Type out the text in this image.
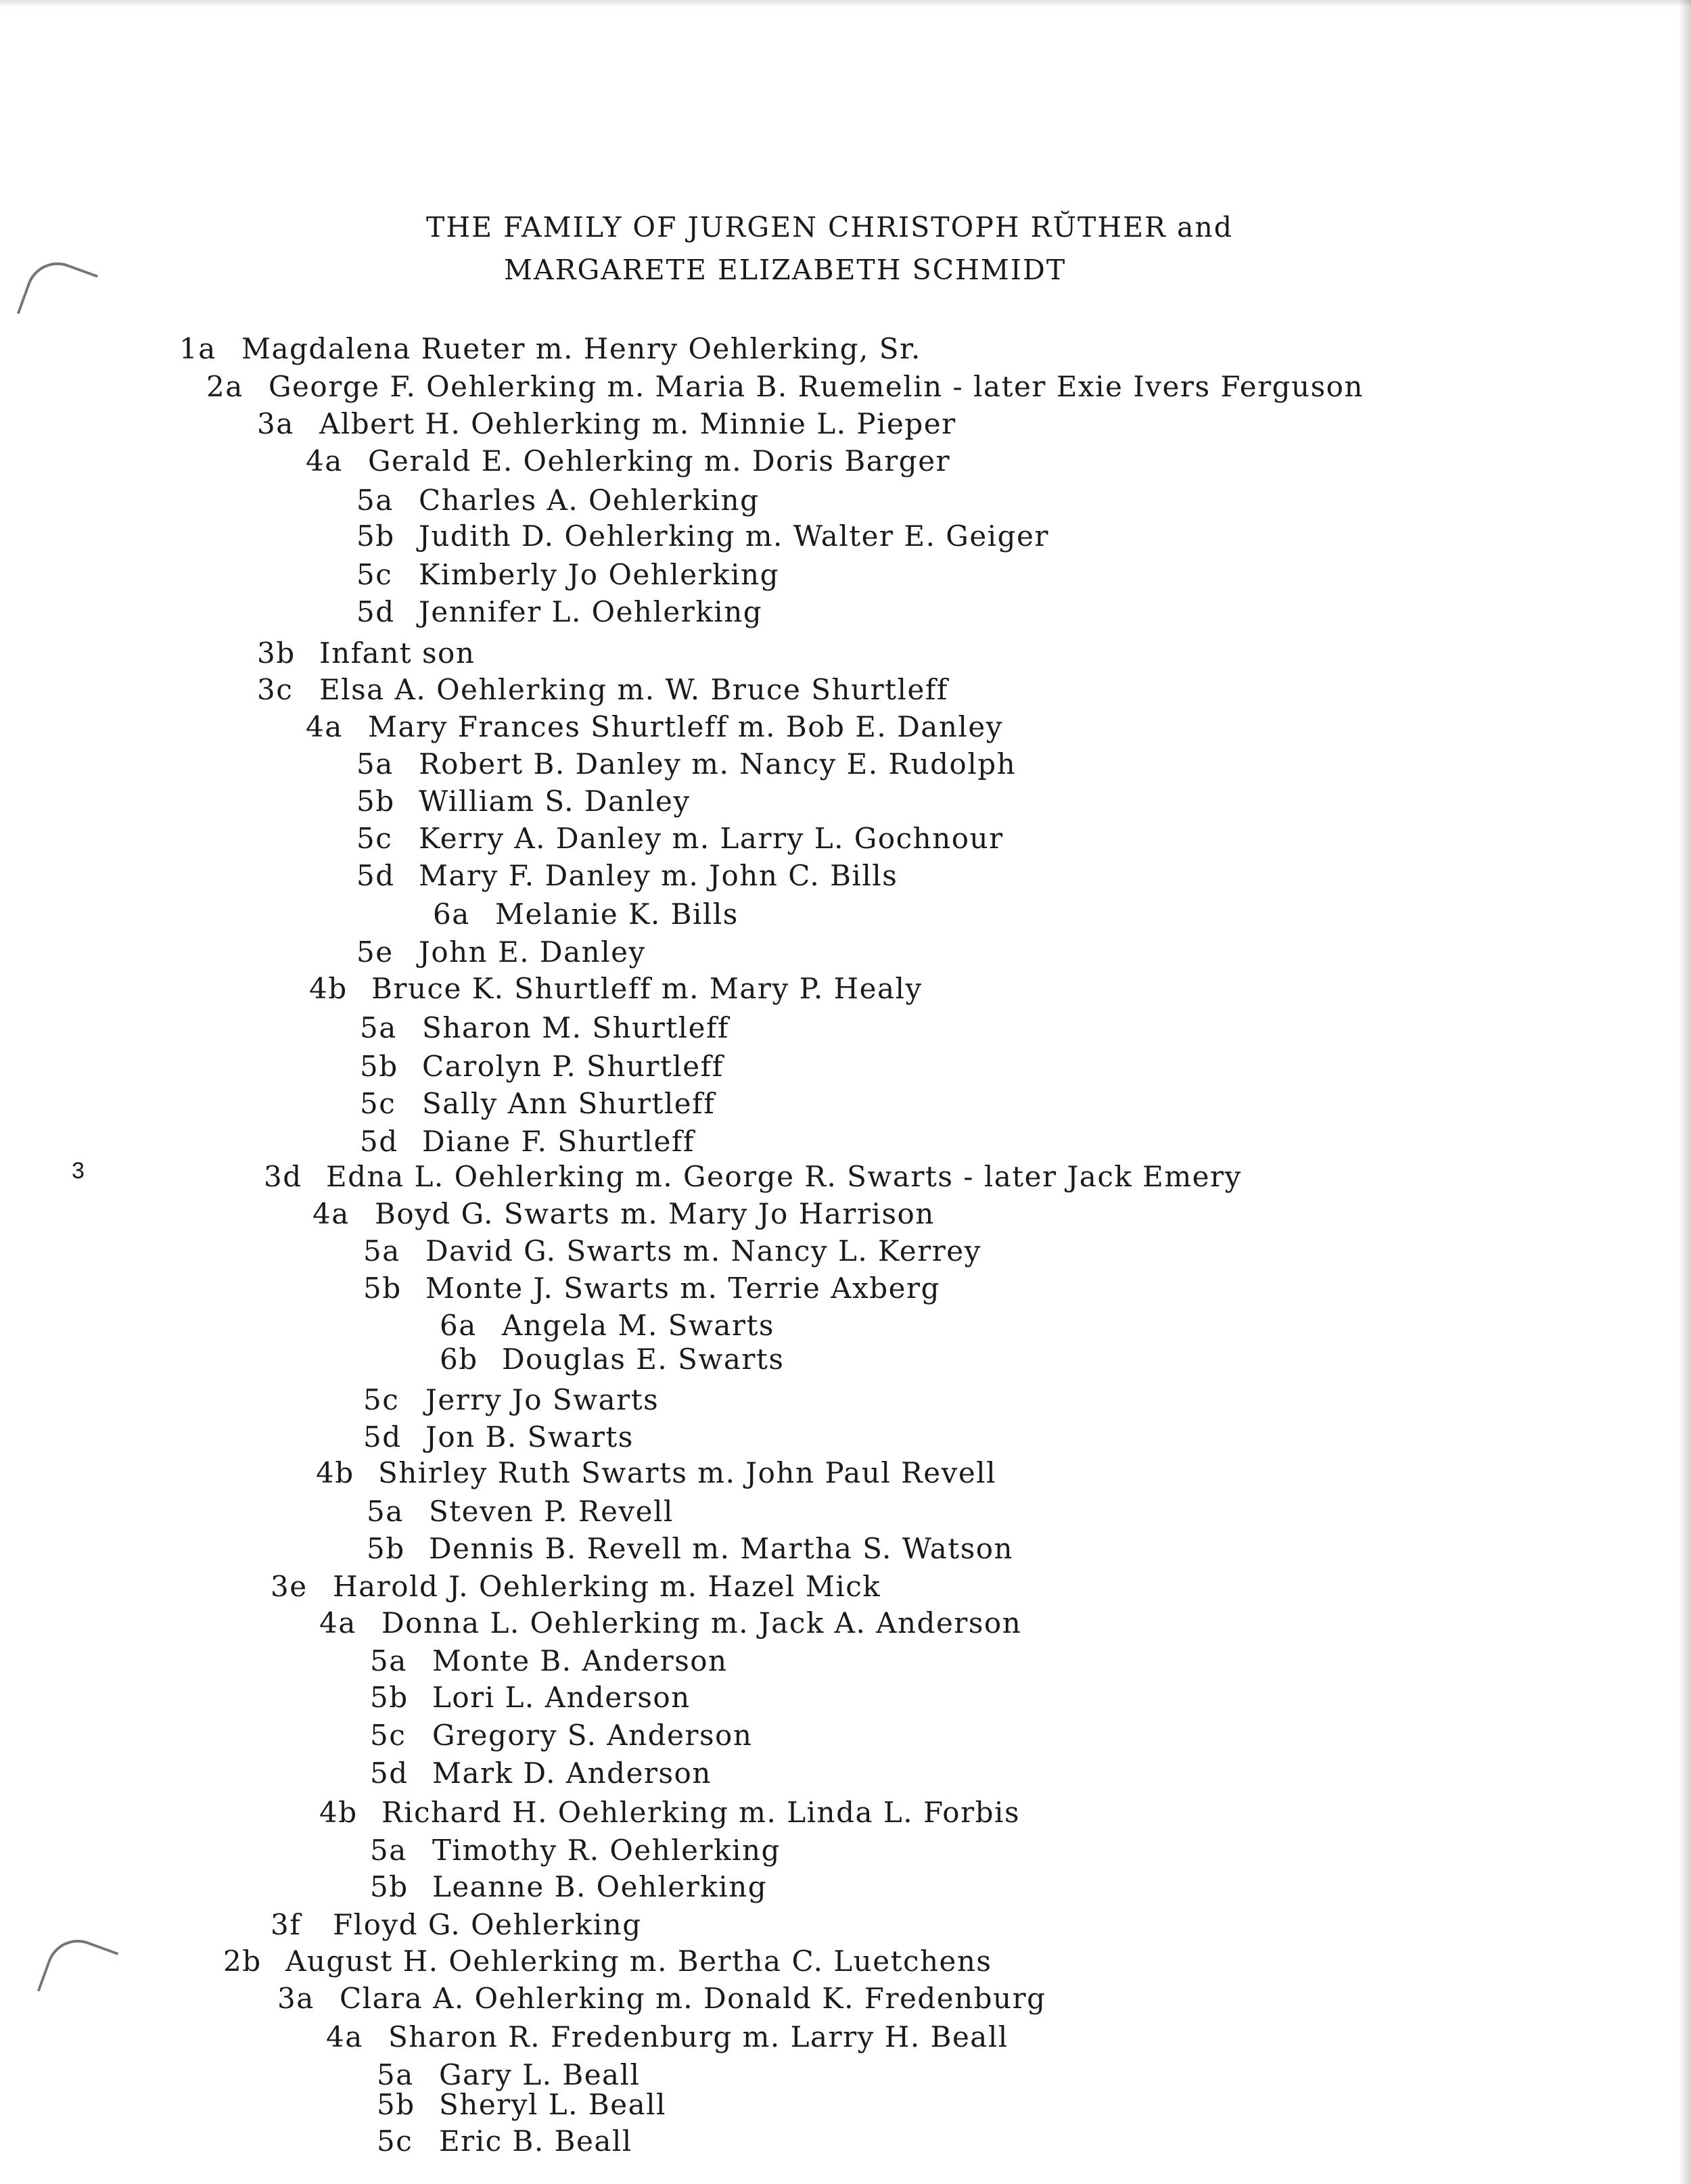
THE FAMILY OF JURGEN CHRISTOPH RŬTHER and
MARGARETE ELIZABETH SCHMIDT
3
1a Magdalena Rueter m. Henry Oehlerking, Sr.
2a George F. Oehlerking m. Maria B. Ruemelin - later Exie Ivers Ferguson
3a Albert H. Oehlerking m. Minnie L. Pieper
4a Gerald E. Oehlerking m. Doris Barger
5a Charles A. Oehlerking
5b Judith D. Oehlerking m. Walter E. Geiger
5c Kimberly Jo Oehlerking
5d Jennifer L. Oehlerking
3b Infant son
3c Elsa A. Oehlerking m. W. Bruce Shurtleff
4a Mary Frances Shurtleff m. Bob E. Danley
5a Robert B. Danley m. Nancy E. Rudolph
5b William S. Danley
5c Kerry A. Danley m. Larry L. Gochnour
5d Mary F. Danley m. John C. Bills
6a Melanie K. Bills
5e John E. Danley
4b Bruce K. Shurtleff m. Mary P. Healy
5a Sharon M. Shurtleff
5b Carolyn P. Shurtleff
5c Sally Ann Shurtleff
5d Diane F. Shurtleff
3d Edna L. Oehlerking m. George R. Swarts - later Jack Emery
4a Boyd G. Swarts m. Mary Jo Harrison
5a David G. Swarts m. Nancy L. Kerrey
5b Monte J. Swarts m. Terrie Axberg
6a Angela M. Swarts
6b Douglas E. Swarts
5c Jerry Jo Swarts
5d Jon B. Swarts
4b Shirley Ruth Swarts m. John Paul Revell
5a Steven P. Revell
5b Dennis B. Revell m. Martha S. Watson
3e Harold J. Oehlerking m. Hazel Mick
4a Donna L. Oehlerking m. Jack A. Anderson
5a Monte B. Anderson
5b Lori L. Anderson
5c Gregory S. Anderson
5d Mark D. Anderson
4b Richard H. Oehlerking m. Linda L. Forbis
5a Timothy R. Oehlerking
5b Leanne B. Oehlerking
3f Floyd G. Oehlerking
2b August H. Oehlerking m. Bertha C. Luetchens
3a Clara A. Oehlerking m. Donald K. Fredenburg
4a Sharon R. Fredenburg m. Larry H. Beall
5a Gary L. Beall
5b Sheryl L. Beall
5c Eric B. Beall
